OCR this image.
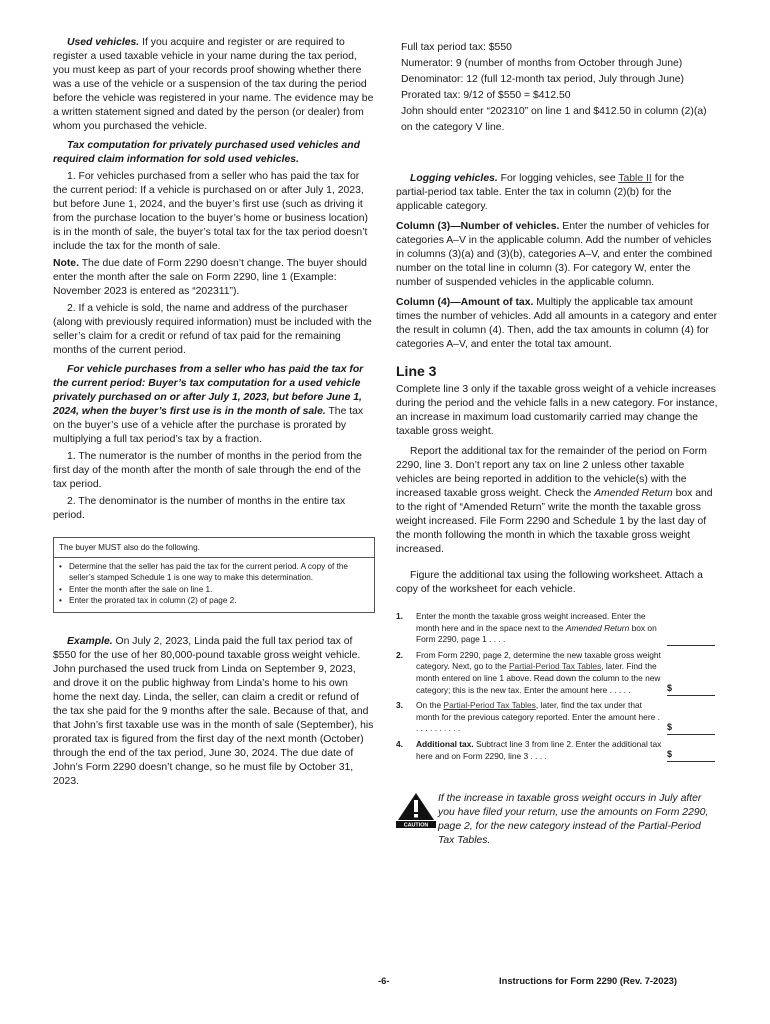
Used vehicles. If you acquire and register or are required to register a used taxable vehicle in your name during the tax period, you must keep as part of your records proof showing whether there was a use of the vehicle or a suspension of the tax during the period before the vehicle was registered in your name. The evidence may be a written statement signed and dated by the person (or dealer) from whom you purchased the vehicle.

Tax computation for privately purchased used vehicles and required claim information for sold used vehicles.

1. For vehicles purchased from a seller who has paid the tax for the current period: If a vehicle is purchased on or after July 1, 2023, but before June 1, 2024, and the buyer’s first use (such as driving it from the purchase location to the buyer’s home or business location) is in the month of sale, the buyer’s total tax for the tax period doesn’t include the tax for the month of sale.

Note. The due date of Form 2290 doesn’t change. The buyer should enter the month after the sale on Form 2290, line 1 (Example: November 2023 is entered as “202311”).

2. If a vehicle is sold, the name and address of the purchaser (along with previously required information) must be included with the seller’s claim for a credit or refund of tax paid for the remaining months of the current period.

For vehicle purchases from a seller who has paid the tax for the current period: Buyer’s tax computation for a used vehicle privately purchased on or after July 1, 2023, but before June 1, 2024, when the buyer’s first use is in the month of sale. The tax on the buyer’s use of a vehicle after the purchase is prorated by multiplying a full tax period’s tax by a fraction.

1. The numerator is the number of months in the period from the first day of the month after the month of sale through the end of the tax period.

2. The denominator is the number of months in the entire tax period.

The buyer MUST also do the following.
• Determine that the seller has paid the tax for the current period. A copy of the seller’s stamped Schedule 1 is one way to make this determination.
• Enter the month after the sale on line 1.
• Enter the prorated tax in column (2) of page 2.

Example. On July 2, 2023, Linda paid the full tax period tax of $550 for the use of her 80,000-pound taxable gross weight vehicle. John purchased the used truck from Linda on September 9, 2023, and drove it on the public highway from Linda’s home to his own home the next day. Linda, the seller, can claim a credit or refund of the tax she paid for the 9 months after the sale. Because of that, and that John’s first taxable use was in the month of sale (September), his prorated tax is figured from the first day of the next month (October) through the end of the tax period, June 30, 2024. The due date of John’s Form 2290 doesn’t change, so he must file by October 31, 2023.

Full tax period tax: $550

Numerator: 9 (number of months from October through June)

Denominator: 12 (full 12-month tax period, July through June)

Prorated tax: 9/12 of $550 = $412.50

John should enter “202310” on line 1 and $412.50 in column (2)(a) on the category V line.

Logging vehicles. For logging vehicles, see Table II for the partial-period tax table. Enter the tax in column (2)(b) for the applicable category.

Column (3)—Number of vehicles. Enter the number of vehicles for categories A–V in the applicable column. Add the number of vehicles in columns (3)(a) and (3)(b), categories A–V, and enter the combined number on the total line in column (3). For category W, enter the number of suspended vehicles in the applicable column.

Column (4)—Amount of tax. Multiply the applicable tax amount times the number of vehicles. Add all amounts in a category and enter the result in column (4). Then, add the tax amounts in column (4) for categories A–V, and enter the total tax amount.

Line 3

Complete line 3 only if the taxable gross weight of a vehicle increases during the period and the vehicle falls in a new category. For instance, an increase in maximum load customarily carried may change the taxable gross weight.

Report the additional tax for the remainder of the period on Form 2290, line 3. Don’t report any tax on line 2 unless other taxable vehicles are being reported in addition to the vehicle(s) with the increased taxable gross weight. Check the Amended Return box and to the right of “Amended Return” write the month the taxable gross weight increased. File Form 2290 and Schedule 1 by the last day of the month following the month in which the taxable gross weight increased.

Figure the additional tax using the following worksheet. Attach a copy of the worksheet for each vehicle.

1.	Enter the month the taxable gross weight increased. Enter the month here and in the space next to the Amended Return box on Form 2290, page 1 . . . .
2.	From Form 2290, page 2, determine the new taxable gross weight category. Next, go to the Partial-Period Tax Tables, later. Find the month entered on line 1 above. Read down the column to the new category; this is the new tax. Enter the amount here . . . . .	$
3.	On the Partial-Period Tax Tables, later, find the tax under that month for the previous category reported. Enter the amount here . . . . . . . . . . .	$
4.	Additional tax. Subtract line 3 from line 2. Enter the additional tax here and on Form 2290, line 3 . . . .	$
CAUTION

If the increase in taxable gross weight occurs in July after you have filed your return, use the amounts on Form 2290, page 2, for the new category instead of the Partial-Period Tax Tables.

-6-	Instructions for Form 2290 (Rev. 7-2023)
